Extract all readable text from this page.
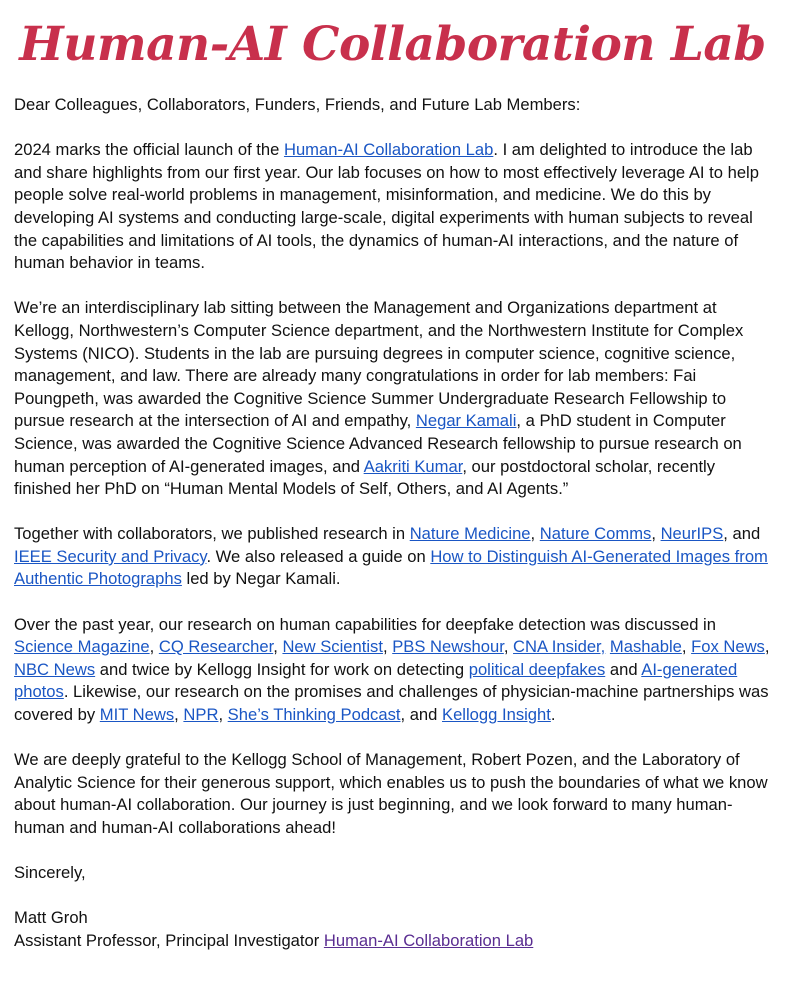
Human-AI Collaboration Lab

Dear Colleagues, Collaborators, Funders, Friends, and Future Lab Members:

2024 marks the official launch of the Human-AI Collaboration Lab. I am delighted to introduce the lab and share highlights from our first year. Our lab focuses on how to most effectively leverage AI to help people solve real-world problems in management, misinformation, and medicine. We do this by developing AI systems and conducting large-scale, digital experiments with human subjects to reveal the capabilities and limitations of AI tools, the dynamics of human-AI interactions, and the nature of human behavior in teams.

We’re an interdisciplinary lab sitting between the Management and Organizations department at Kellogg, Northwestern’s Computer Science department, and the Northwestern Institute for Complex Systems (NICO). Students in the lab are pursuing degrees in computer science, cognitive science, management, and law. There are already many congratulations in order for lab members: Fai Poungpeth, was awarded the Cognitive Science Summer Undergraduate Research Fellowship to pursue research at the intersection of AI and empathy, Negar Kamali, a PhD student in Computer Science, was awarded the Cognitive Science Advanced Research fellowship to pursue research on human perception of AI-generated images, and Aakriti Kumar, our postdoctoral scholar, recently finished her PhD on “Human Mental Models of Self, Others, and AI Agents.”

Together with collaborators, we published research in Nature Medicine, Nature Comms, NeurIPS, and IEEE Security and Privacy. We also released a guide on How to Distinguish AI-Generated Images from Authentic Photographs led by Negar Kamali.

Over the past year, our research on human capabilities for deepfake detection was discussed in Science Magazine, CQ Researcher, New Scientist, PBS Newshour, CNA Insider, Mashable, Fox News, NBC News and twice by Kellogg Insight for work on detecting political deepfakes and AI-generated photos. Likewise, our research on the promises and challenges of physician-machine partnerships was covered by MIT News, NPR, She’s Thinking Podcast, and Kellogg Insight.

We are deeply grateful to the Kellogg School of Management, Robert Pozen, and the Laboratory of Analytic Science for their generous support, which enables us to push the boundaries of what we know about human-AI collaboration. Our journey is just beginning, and we look forward to many human-human and human-AI collaborations ahead!

Sincerely,

Matt Groh

Assistant Professor, Principal Investigator Human-AI Collaboration Lab
